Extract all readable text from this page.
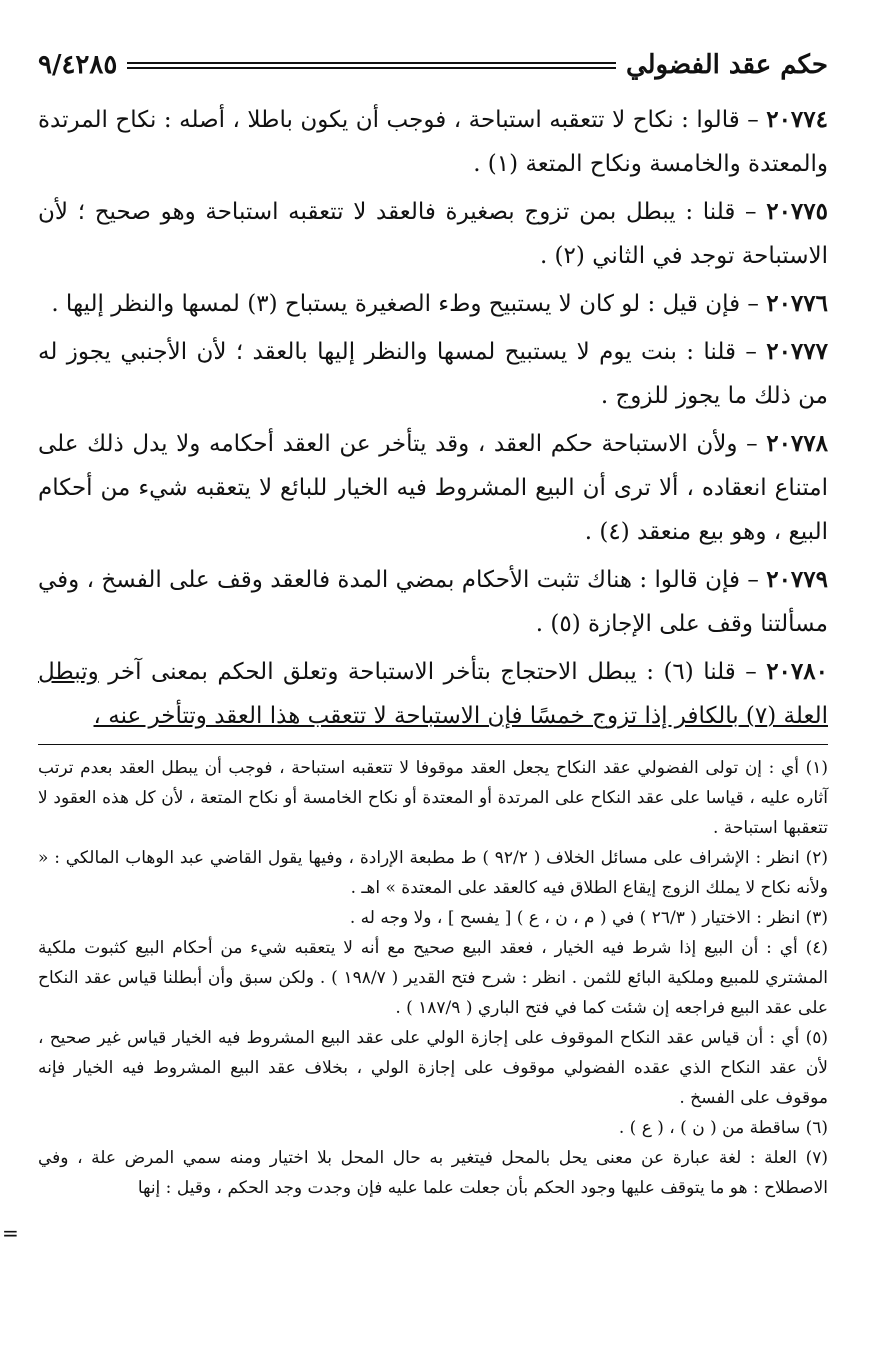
حكم عقد الفضولي
٩/٤٢٨٥

٢٠٧٧٤ – قالوا : نكاح لا تتعقبه استباحة ، فوجب أن يكون باطلا ، أصله : نكاح المرتدة والمعتدة والخامسة ونكاح المتعة (١) .

٢٠٧٧٥ – قلنا : يبطل بمن تزوج بصغيرة فالعقد لا تتعقبه استباحة وهو صحيح ؛ لأن الاستباحة توجد في الثاني (٢) .

٢٠٧٧٦ – فإن قيل : لو كان لا يستبيح وطء الصغيرة يستباح (٣) لمسها والنظر إليها .

٢٠٧٧٧ – قلنا : بنت يوم لا يستبيح لمسها والنظر إليها بالعقد ؛ لأن الأجنبي يجوز له من ذلك ما يجوز للزوج .

٢٠٧٧٨ – ولأن الاستباحة حكم العقد ، وقد يتأخر عن العقد أحكامه ولا يدل ذلك على امتناع انعقاده ، ألا ترى أن البيع المشروط فيه الخيار للبائع لا يتعقبه شيء من أحكام البيع ، وهو بيع منعقد (٤) .

٢٠٧٧٩ – فإن قالوا : هناك تثبت الأحكام بمضي المدة فالعقد وقف على الفسخ ، وفي مسألتنا وقف على الإجازة (٥) .

٢٠٧٨٠ – قلنا (٦) : يبطل الاحتجاج بتأخر الاستباحة وتعلق الحكم بمعنى آخر وتبطل العلة (٧) بالكافر إذا تزوج خمسًا فإن الاستباحة لا تتعقب هذا العقد وتتأخر عنه ،

(١) أي : إن تولى الفضولي عقد النكاح يجعل العقد موقوفا لا تتعقبه استباحة ، فوجب أن يبطل العقد بعدم ترتب آثاره عليه ، قياسا على عقد النكاح على المرتدة أو المعتدة أو نكاح الخامسة أو نكاح المتعة ، لأن كل هذه العقود لا تتعقبها استباحة .

(٢) انظر : الإشراف على مسائل الخلاف ( ٩٢/٢ ) ط مطبعة الإرادة ، وفيها يقول القاضي عبد الوهاب المالكي : « ولأنه نكاح لا يملك الزوج إيقاع الطلاق فيه كالعقد على المعتدة » اهـ .

(٣) انظر : الاختيار ( ٢٦/٣ ) في ( م ، ن ، ع ) [ يفسح ] ، ولا وجه له .

(٤) أي : أن البيع إذا شرط فيه الخيار ، فعقد البيع صحيح مع أنه لا يتعقبه شيء من أحكام البيع كثبوت ملكية المشتري للمبيع وملكية البائع للثمن . انظر : شرح فتح القدير ( ١٩٨/٧ ) . ولكن سبق وأن أبطلنا قياس عقد النكاح على عقد البيع فراجعه إن شئت كما في فتح الباري ( ١٨٧/٩ ) .

(٥) أي : أن قياس عقد النكاح الموقوف على إجازة الولي على عقد البيع المشروط فيه الخيار قياس غير صحيح ، لأن عقد النكاح الذي عقده الفضولي موقوف على إجازة الولي ، بخلاف عقد البيع المشروط فيه الخيار فإنه موقوف على الفسخ .

(٦) ساقطة من ( ن ) ، ( ع ) .

(٧) العلة : لغة عبارة عن معنى يحل بالمحل فيتغير به حال المحل بلا اختيار ومنه سمي المرض علة ، وفي الاصطلاح : هو ما يتوقف عليها وجود الحكم بأن جعلت علما عليه فإن وجدت وجد الحكم ، وقيل : إنها

=
